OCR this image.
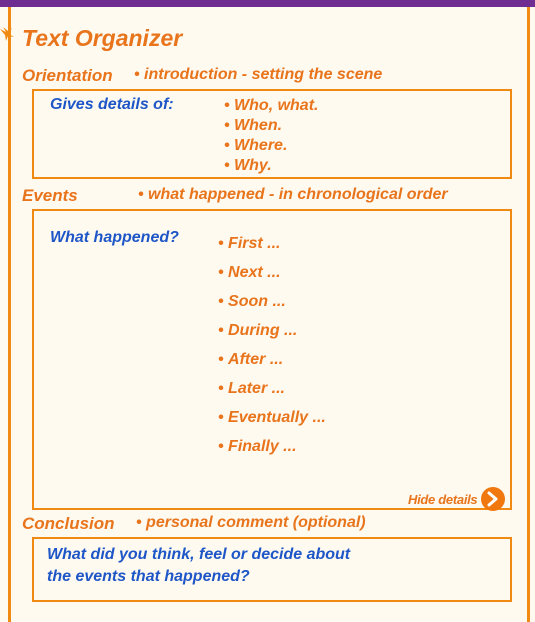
Text Organizer
Orientation • introduction - setting the scene
Gives details of:	• Who, what.
• When.
• Where.
• Why.
Events	• what happened - in chronological order
What happened?	• First ...
• Next ...
• Soon ...
• During ...
• After ...
• Later ...
• Eventually ...
• Finally ...
Hide details
Conclusion • personal comment (optional)
What did you think, feel or decide about
the events that happened?
